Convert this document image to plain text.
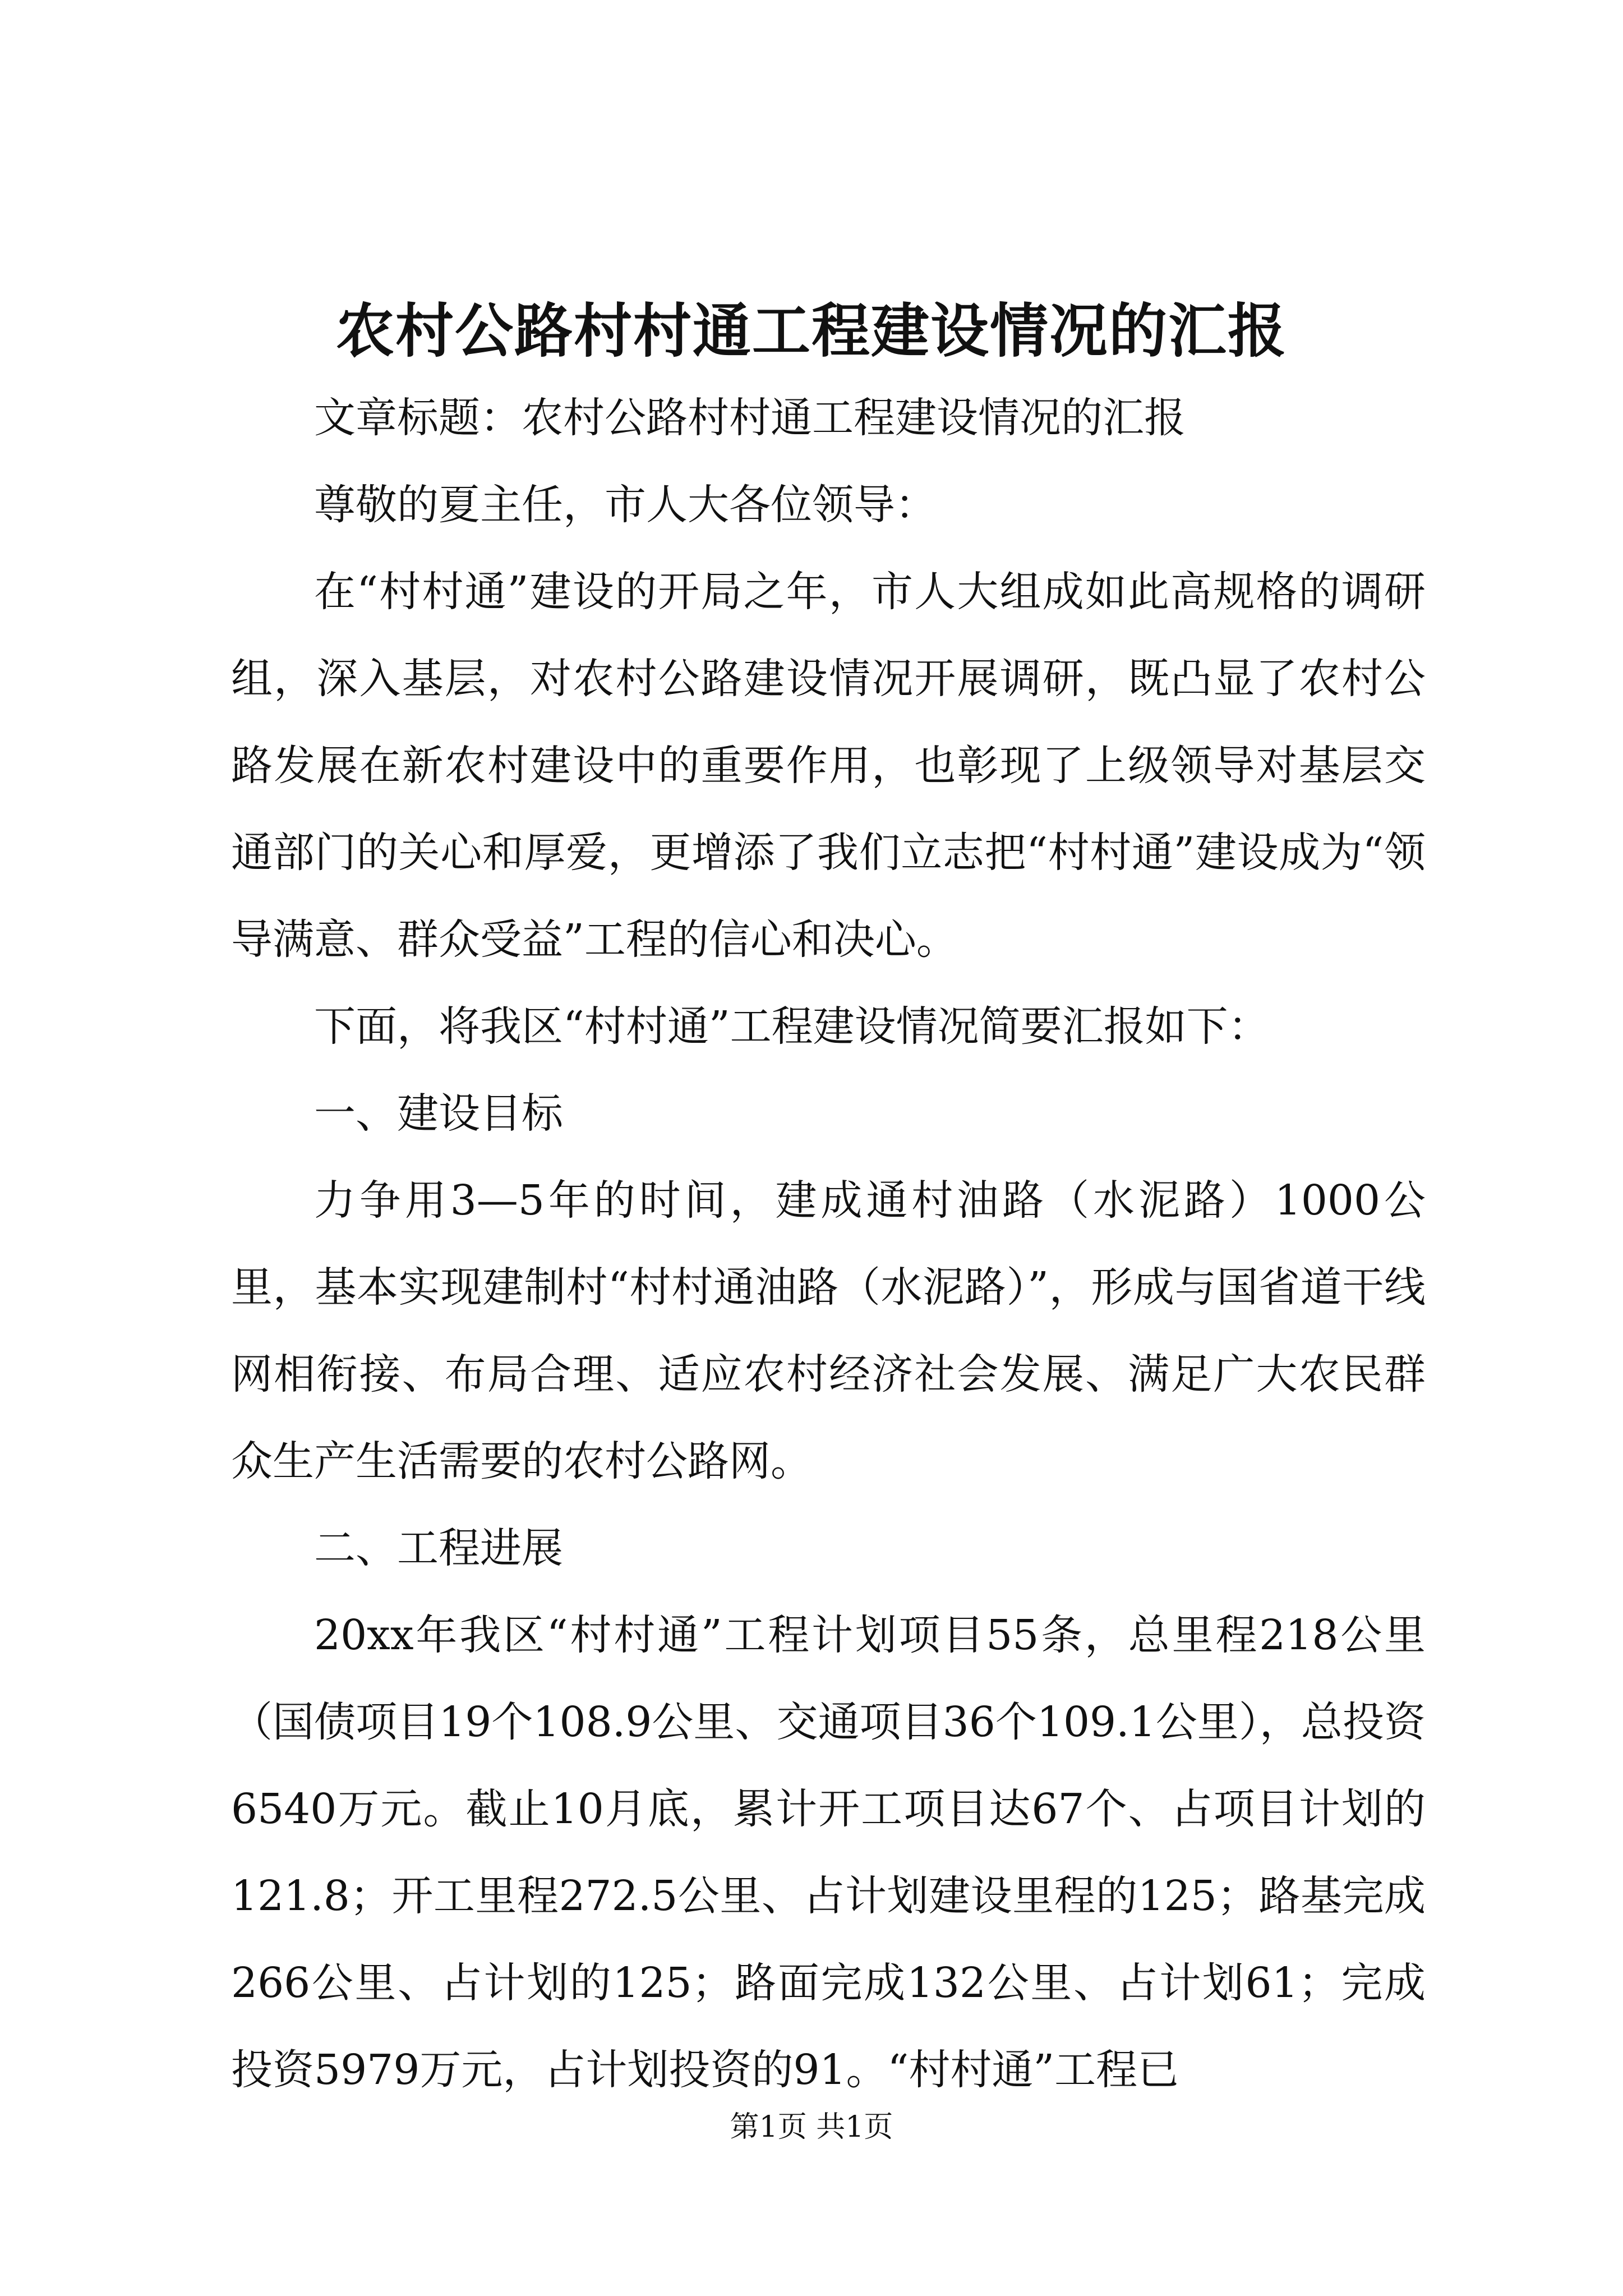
农村公路村村通工程建设情况的汇报

文章标题：农村公路村村通工程建设情况的汇报

尊敬的夏主任，市人大各位领导：

在“村村通”建设的开局之年，市人大组成如此高规格的调研组，深入基层，对农村公路建设情况开展调研，既凸显了农村公路发展在新农村建设中的重要作用，也彰现了上级领导对基层交通部门的关心和厚爱，更增添了我们立志把“村村通”建设成为“领导满意、群众受益”工程的信心和决心。

下面，将我区“村村通”工程建设情况简要汇报如下：

一、建设目标

力争用3—5年的时间，建成通村油路（水泥路）1000公里，基本实现建制村“村村通油路（水泥路）”，形成与国省道干线网相衔接、布局合理、适应农村经济社会发展、满足广大农民群众生产生活需要的农村公路网。

二、工程进展

20xx年我区“村村通”工程计划项目55条，总里程218公里（国债项目19个108.9公里、交通项目36个109.1公里），总投资6540万元。截止10月底，累计开工项目达67个、占项目计划的121.8；开工里程272.5公里、占计划建设里程的125；路基完成266公里、占计划的125；路面完成132公里、占计划61；完成投资5979万元，占计划投资的91。“村村通”工程已

第1页 共1页
